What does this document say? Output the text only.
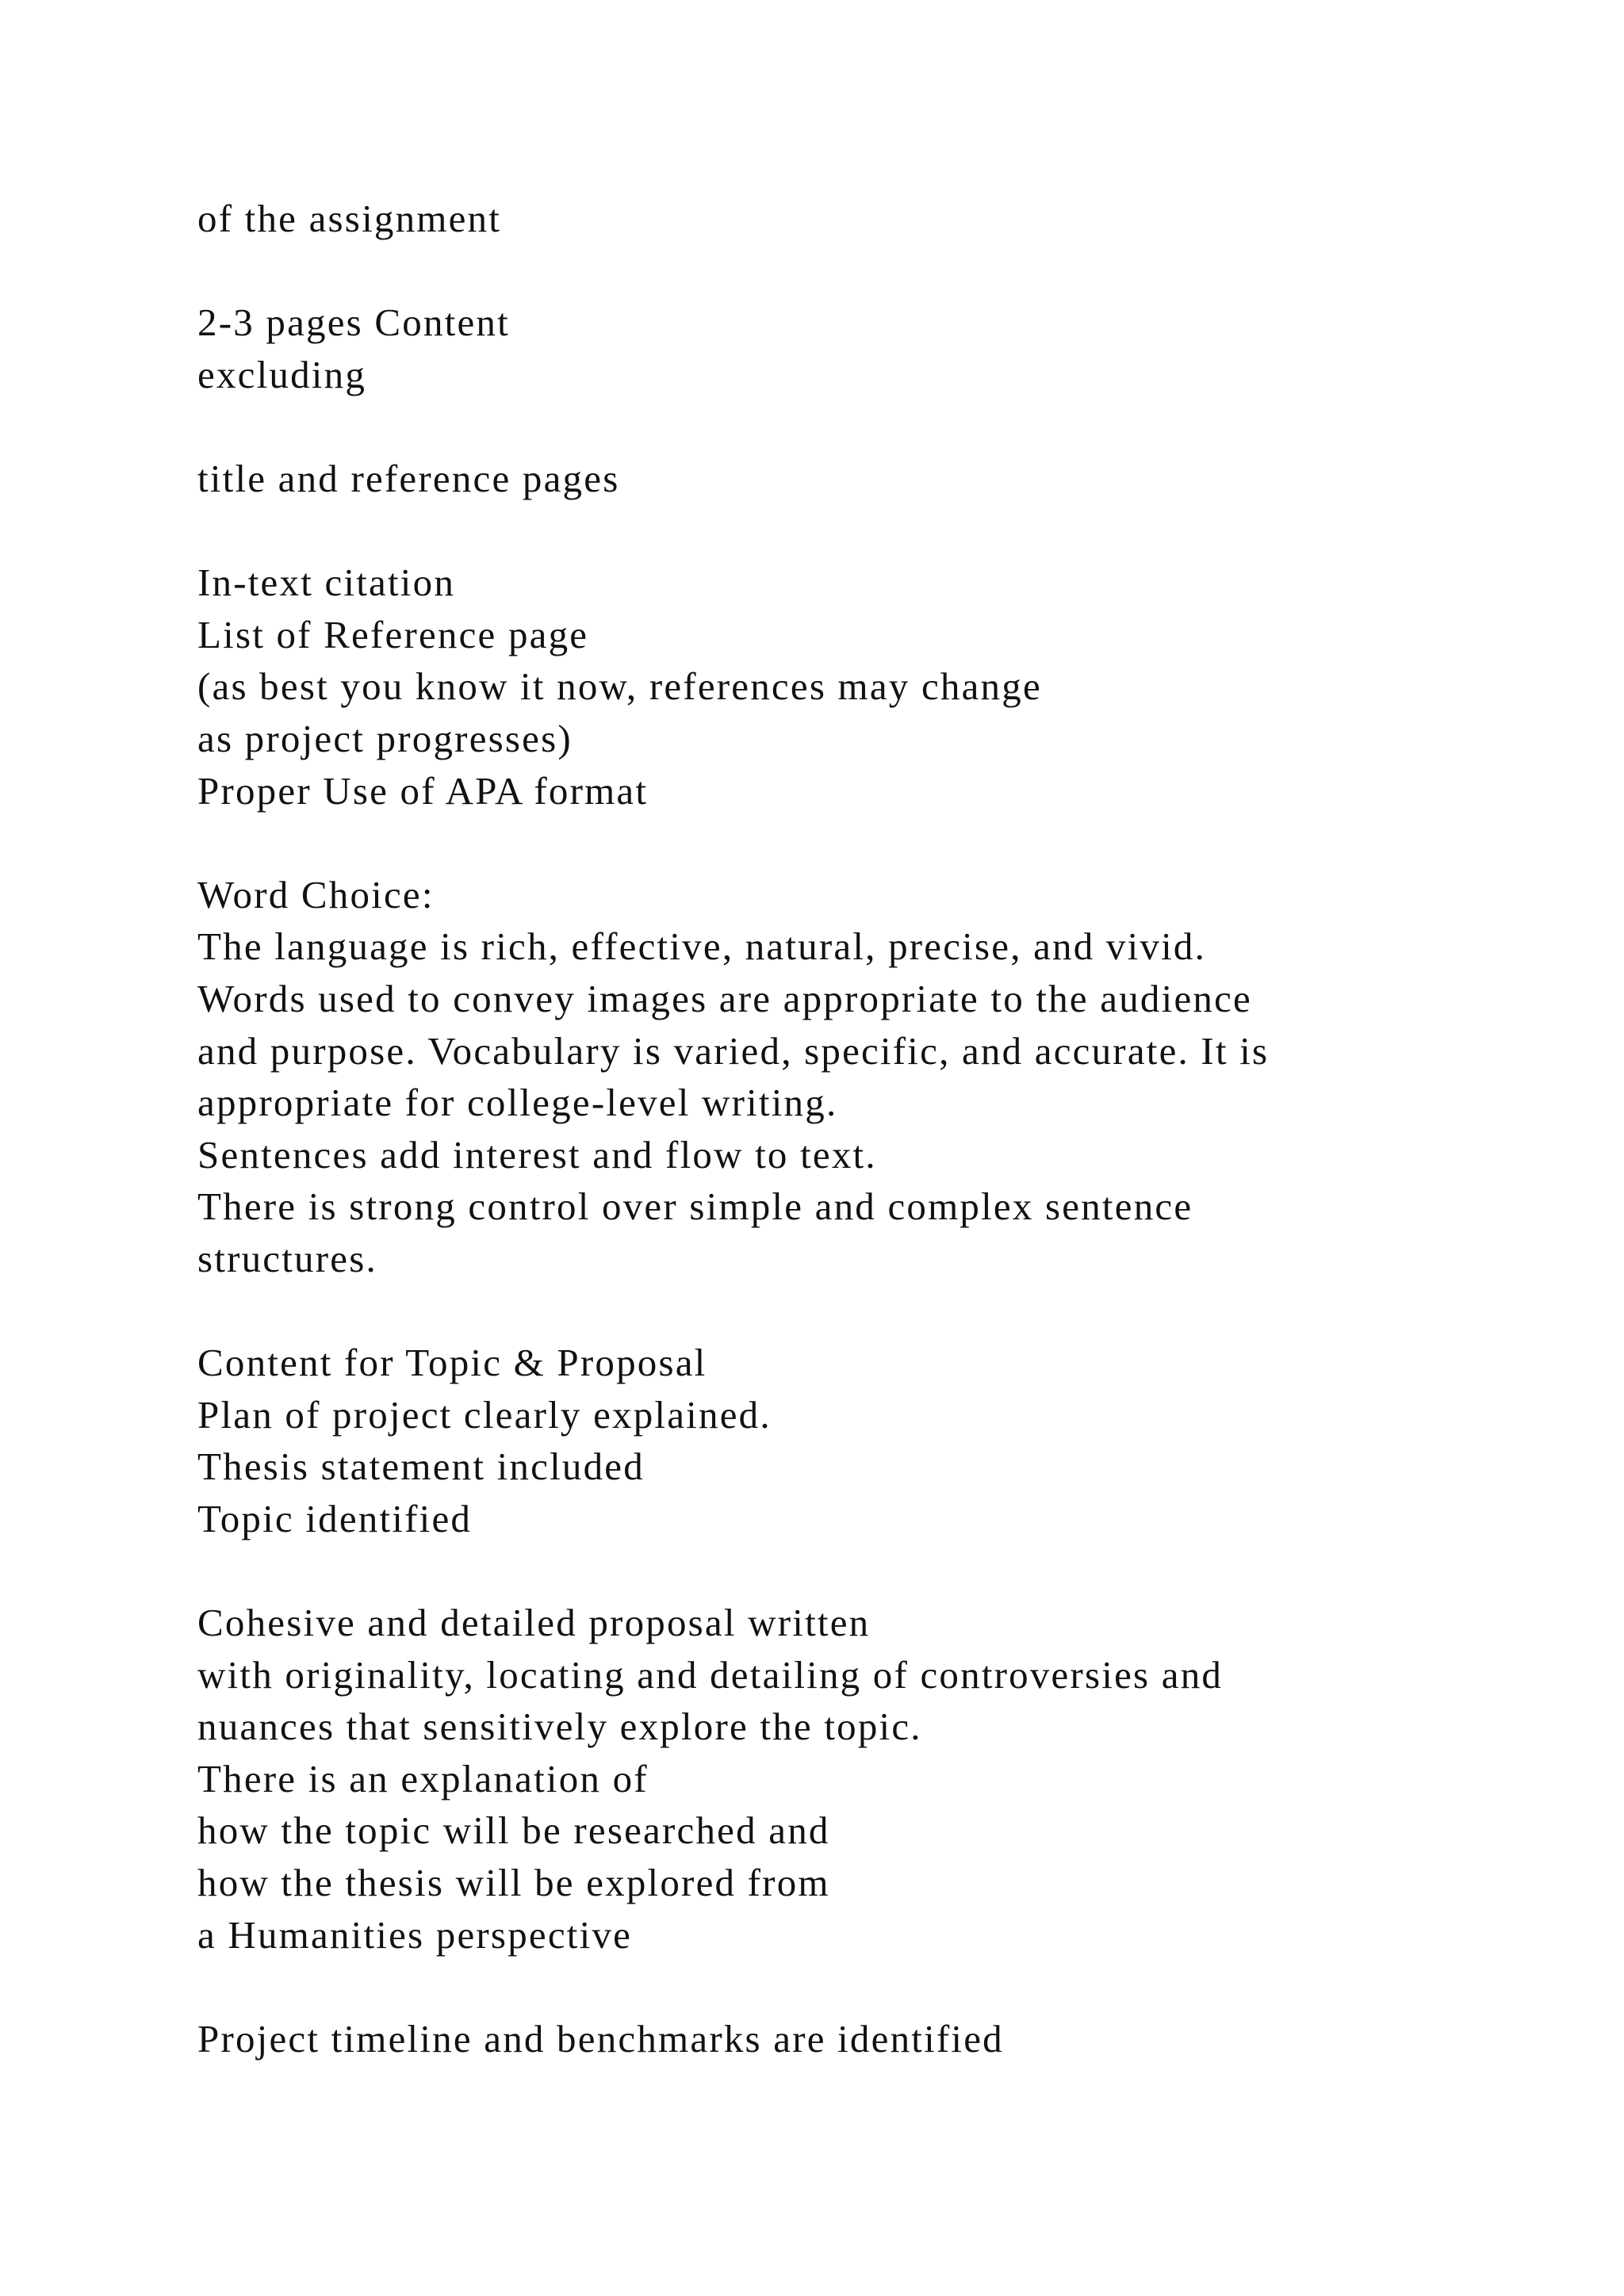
of the assignment
2-3 pages Content
excluding
title and reference pages
In-text citation
List of Reference page
(as best you know it now, references may change
as project progresses)
Proper Use of APA format
Word Choice:
The language is rich, effective, natural, precise, and vivid.
Words used to convey images are appropriate to the audience
and purpose. Vocabulary is varied, specific, and accurate. It is
appropriate for college-level writing.
Sentences add interest and flow to text.
There is strong control over simple and complex sentence
structures.
Content for Topic & Proposal
Plan of project clearly explained.
Thesis statement included
Topic identified
Cohesive and detailed proposal written
with originality, locating and detailing of controversies and
nuances that sensitively explore the topic.
There is an explanation of
how the topic will be researched and
how the thesis will be explored from
a Humanities perspective
Project timeline and benchmarks are identified
